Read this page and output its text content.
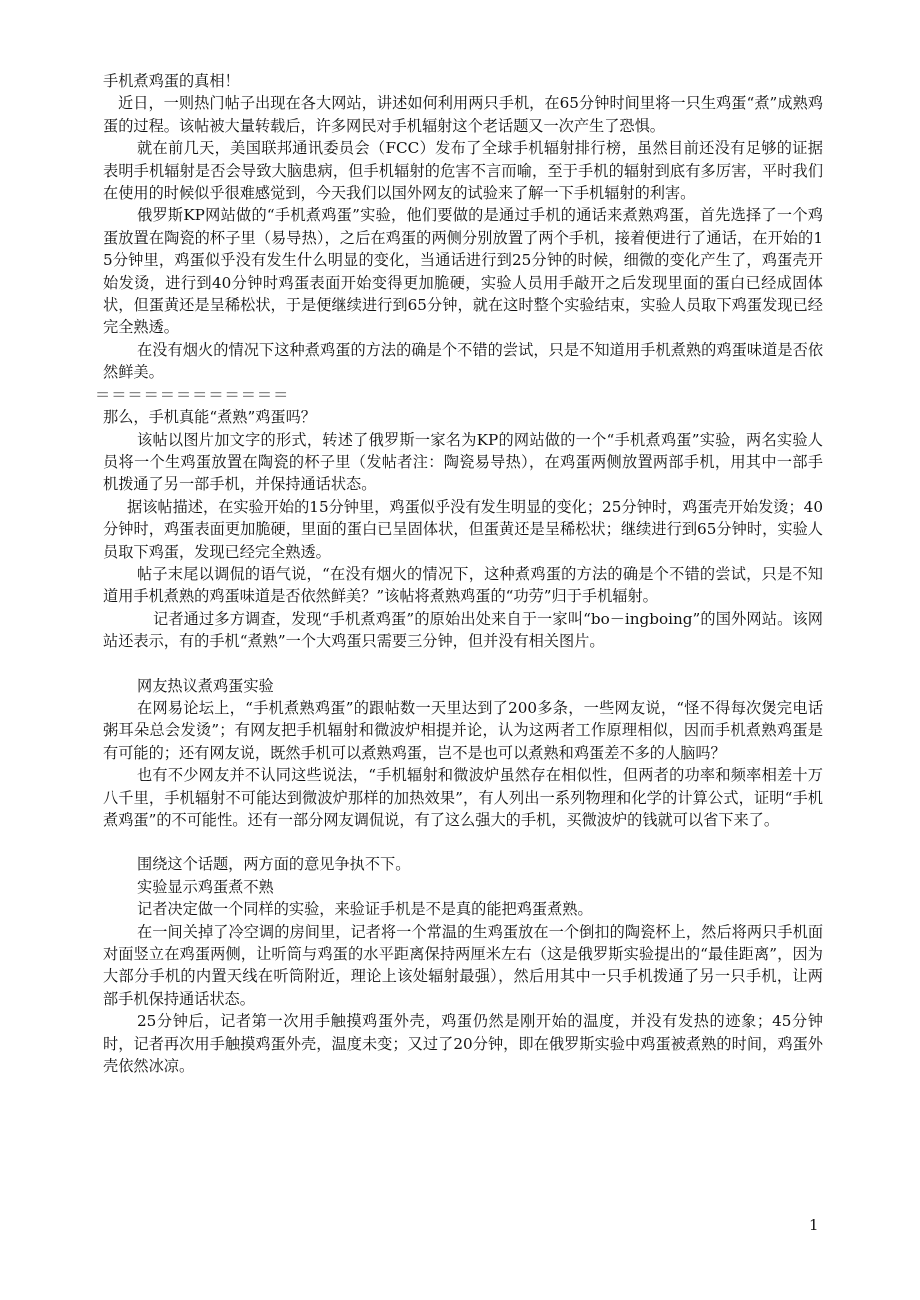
手机煮鸡蛋的真相！

近日，一则热门帖子出现在各大网站，讲述如何利用两只手机，在65分钟时间里将一只生鸡蛋“煮”成熟鸡蛋的过程。该帖被大量转载后，许多网民对手机辐射这个老话题又一次产生了恐惧。

就在前几天，美国联邦通讯委员会（FCC）发布了全球手机辐射排行榜，虽然目前还没有足够的证据表明手机辐射是否会导致大脑患病，但手机辐射的危害不言而喻，至于手机的辐射到底有多厉害，平时我们在使用的时候似乎很难感觉到，今天我们以国外网友的试验来了解一下手机辐射的利害。

俄罗斯KP网站做的“手机煮鸡蛋”实验，他们要做的是通过手机的通话来煮熟鸡蛋，首先选择了一个鸡蛋放置在陶瓷的杯子里（易导热），之后在鸡蛋的两侧分别放置了两个手机，接着便进行了通话，在开始的15分钟里，鸡蛋似乎没有发生什么明显的变化，当通话进行到25分钟的时候，细微的变化产生了，鸡蛋壳开始发烫，进行到40分钟时鸡蛋表面开始变得更加脆硬，实验人员用手敲开之后发现里面的蛋白已经成固体状，但蛋黄还是呈稀松状，于是便继续进行到65分钟，就在这时整个实验结束，实验人员取下鸡蛋发现已经完全熟透。

在没有烟火的情况下这种煮鸡蛋的方法的确是个不错的尝试，只是不知道用手机煮熟的鸡蛋味道是否依然鲜美。

＝＝＝＝＝＝＝＝＝＝＝＝

那么，手机真能“煮熟”鸡蛋吗？

该帖以图片加文字的形式，转述了俄罗斯一家名为KP的网站做的一个“手机煮鸡蛋”实验，两名实验人员将一个生鸡蛋放置在陶瓷的杯子里（发帖者注：陶瓷易导热），在鸡蛋两侧放置两部手机，用其中一部手机拨通了另一部手机，并保持通话状态。

据该帖描述，在实验开始的15分钟里，鸡蛋似乎没有发生明显的变化；25分钟时，鸡蛋壳开始发烫；40分钟时，鸡蛋表面更加脆硬，里面的蛋白已呈固体状，但蛋黄还是呈稀松状；继续进行到65分钟时，实验人员取下鸡蛋，发现已经完全熟透。

帖子末尾以调侃的语气说，“在没有烟火的情况下，这种煮鸡蛋的方法的确是个不错的尝试，只是不知道用手机煮熟的鸡蛋味道是否依然鲜美？”该帖将煮熟鸡蛋的“功劳”归于手机辐射。

记者通过多方调查，发现“手机煮鸡蛋”的原始出处来自于一家叫“bo－ingboing”的国外网站。该网站还表示，有的手机“煮熟”一个大鸡蛋只需要三分钟，但并没有相关图片。

网友热议煮鸡蛋实验

在网易论坛上，“手机煮熟鸡蛋”的跟帖数一天里达到了200多条，一些网友说，“怪不得每次煲完电话粥耳朵总会发烫”；有网友把手机辐射和微波炉相提并论，认为这两者工作原理相似，因而手机煮熟鸡蛋是有可能的；还有网友说，既然手机可以煮熟鸡蛋，岂不是也可以煮熟和鸡蛋差不多的人脑吗？

也有不少网友并不认同这些说法，“手机辐射和微波炉虽然存在相似性，但两者的功率和频率相差十万八千里，手机辐射不可能达到微波炉那样的加热效果”，有人列出一系列物理和化学的计算公式，证明“手机煮鸡蛋”的不可能性。还有一部分网友调侃说，有了这么强大的手机，买微波炉的钱就可以省下来了。

围绕这个话题，两方面的意见争执不下。

实验显示鸡蛋煮不熟

记者决定做一个同样的实验，来验证手机是不是真的能把鸡蛋煮熟。

在一间关掉了冷空调的房间里，记者将一个常温的生鸡蛋放在一个倒扣的陶瓷杯上，然后将两只手机面对面竖立在鸡蛋两侧，让听筒与鸡蛋的水平距离保持两厘米左右（这是俄罗斯实验提出的“最佳距离”，因为大部分手机的内置天线在听筒附近，理论上该处辐射最强），然后用其中一只手机拨通了另一只手机，让两部手机保持通话状态。

25分钟后，记者第一次用手触摸鸡蛋外壳，鸡蛋仍然是刚开始的温度，并没有发热的迹象；45分钟时，记者再次用手触摸鸡蛋外壳，温度未变；又过了20分钟，即在俄罗斯实验中鸡蛋被煮熟的时间，鸡蛋外壳依然冰凉。

1
